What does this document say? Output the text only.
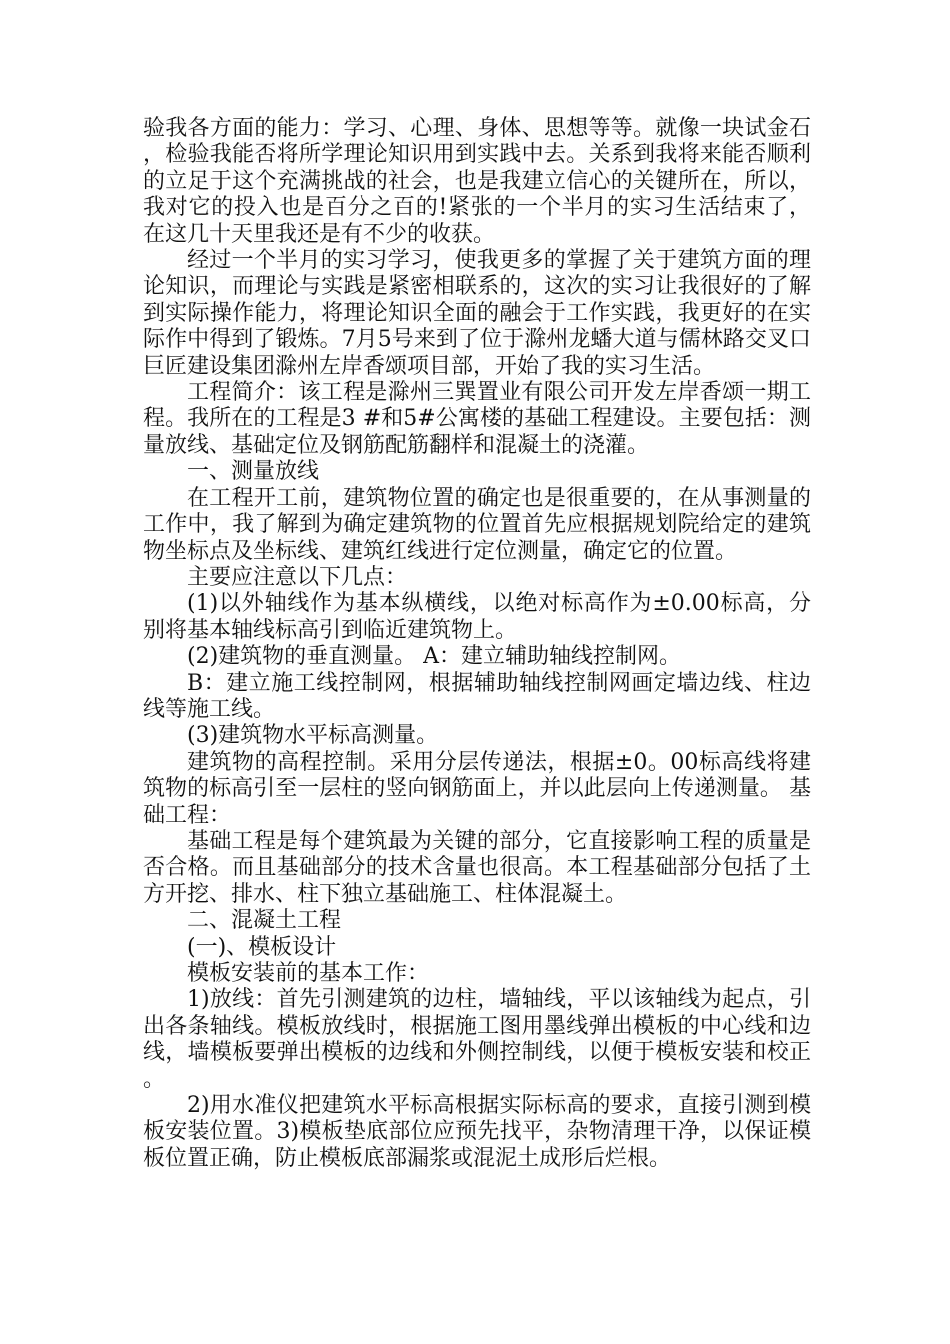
验我各方面的能力：学习、心理、身体、思想等等。就像一块试金石，检验我能否将所学理论知识用到实践中去。关系到我将来能否顺利的立足于这个充满挑战的社会，也是我建立信心的关键所在，所以，我对它的投入也是百分之百的!紧张的一个半月的实习生活结束了，在这几十天里我还是有不少的收获。

经过一个半月的实习学习，使我更多的掌握了关于建筑方面的理论知识，而理论与实践是紧密相联系的，这次的实习让我很好的了解到实际操作能力，将理论知识全面的融会于工作实践，我更好的在实际作中得到了锻炼。7月5号来到了位于滁州龙蟠大道与儒林路交叉口巨匠建设集团滁州左岸香颂项目部，开始了我的实习生活。

工程简介：该工程是滁州三巽置业有限公司开发左岸香颂一期工程。我所在的工程是3 #和5#公寓楼的基础工程建设。主要包括：测量放线、基础定位及钢筋配筋翻样和混凝土的浇灌。

一、测量放线

在工程开工前，建筑物位置的确定也是很重要的，在从事测量的工作中，我了解到为确定建筑物的位置首先应根据规划院给定的建筑物坐标点及坐标线、建筑红线进行定位测量，确定它的位置。

主要应注意以下几点：

(1)以外轴线作为基本纵横线，以绝对标高作为±0.00标高，分别将基本轴线标高引到临近建筑物上。

(2)建筑物的垂直测量。 A：建立辅助轴线控制网。

B：建立施工线控制网，根据辅助轴线控制网画定墙边线、柱边线等施工线。

(3)建筑物水平标高测量。

建筑物的高程控制。采用分层传递法，根据±0。00标高线将建筑物的标高引至一层柱的竖向钢筋面上，并以此层向上传递测量。 基础工程：

基础工程是每个建筑最为关键的部分，它直接影响工程的质量是否合格。而且基础部分的技术含量也很高。本工程基础部分包括了土方开挖、排水、柱下独立基础施工、柱体混凝土。

二、混凝土工程

(一)、模板设计

模板安装前的基本工作：

1)放线：首先引测建筑的边柱，墙轴线，平以该轴线为起点，引出各条轴线。模板放线时，根据施工图用墨线弹出模板的中心线和边线，墙模板要弹出模板的边线和外侧控制线，以便于模板安装和校正。

2)用水准仪把建筑水平标高根据实际标高的要求，直接引测到模板安装位置。3)模板垫底部位应预先找平，杂物清理干净，以保证模板位置正确，防止模板底部漏浆或混泥土成形后烂根。
